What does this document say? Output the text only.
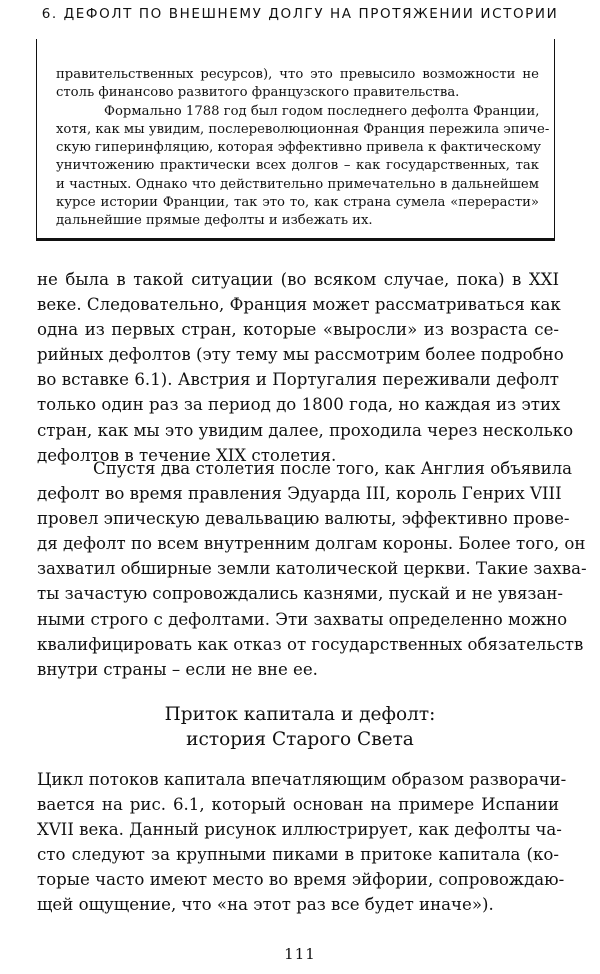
6. ДЕФОЛТ ПО ВНЕШНЕМУ ДОЛГУ НА ПРОТЯЖЕНИИ ИСТОРИИ
правительственных ресурсов), что это превысило возможности не
столь финансово развитого французского правительства.
Формально 1788 год был годом последнего дефолта Франции,
хотя, как мы увидим, послереволюционная Франция пережила эпиче-
скую гиперинфляцию, которая эффективно привела к фактическому
уничтожению практически всех долгов – как государственных, так
и частных. Однако что действительно примечательно в дальнейшем
курсе истории Франции, так это то, как страна сумела «перерасти»
дальнейшие прямые дефолты и избежать их.
не была в такой ситуации (во всяком случае, пока) в XXI
веке. Следовательно, Франция может рассматриваться как
одна из первых стран, которые «выросли» из возраста се-
рийных дефолтов (эту тему мы рассмотрим более подробно
во вставке 6.1). Австрия и Португалия переживали дефолт
только один раз за период до 1800 года, но каждая из этих
стран, как мы это увидим далее, проходила через несколько
дефолтов в течение XIX столетия.
Спустя два столетия после того, как Англия объявила
дефолт во время правления Эдуарда III, король Генрих VIII
провел эпическую девальвацию валюты, эффективно прове-
дя дефолт по всем внутренним долгам короны. Более того, он
захватил обширные земли католической церкви. Такие захва-
ты зачастую сопровождались казнями, пускай и не увязан-
ными строго с дефолтами. Эти захваты определенно можно
квалифицировать как отказ от государственных обязательств
внутри страны – если не вне ее.
Приток капитала и дефолт:
история Старого Света
Цикл потоков капитала впечатляющим образом разворачи-
вается на рис. 6.1, который основан на примере Испании
XVII века. Данный рисунок иллюстрирует, как дефолты ча-
сто следуют за крупными пиками в притоке капитала (ко-
торые часто имеют место во время эйфории, сопровождаю-
щей ощущение, что «на этот раз все будет иначе»).
111
